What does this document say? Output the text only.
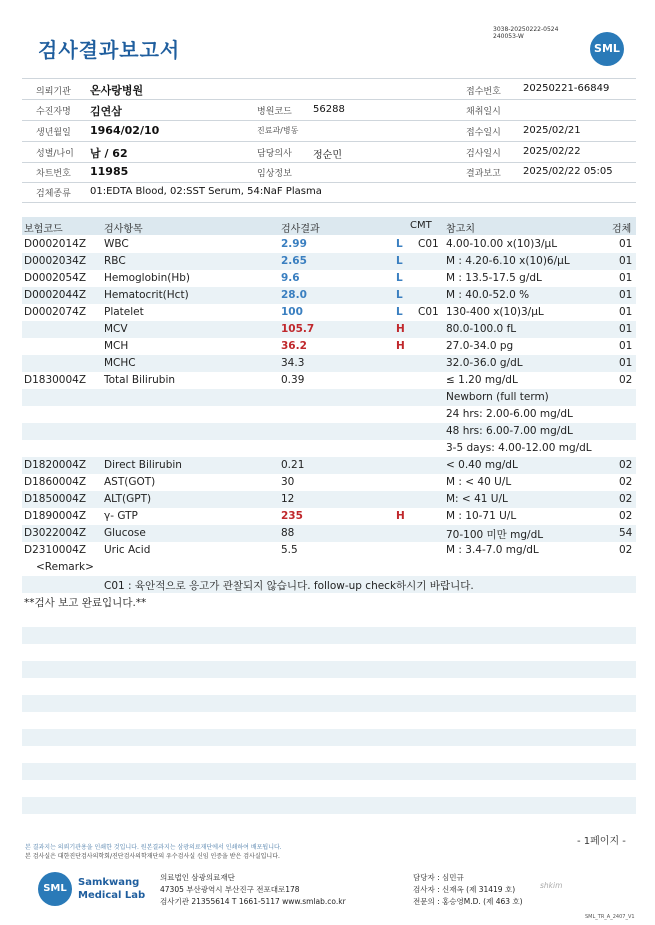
검사결과보고서
3038-20250222-0524
240053-W
SML
의뢰기관 온사랑병원	접수번호 20250221-66849
수진자명 김연삼	병원코드 56288	채취일시
생년월일 1964/02/10	진료과/병동	접수일시 2025/02/21
성별/나이 남 / 62	담당의사 정순민	검사일시 2025/02/22
차트번호 11985	임상정보	결과보고 2025/02/22 05:05
검체종류 01:EDTA Blood, 02:SST Serum, 54:NaF Plasma
보험코드	검사항목	검사결과	CMT 참고치	검체
D0002014Z WBC	2.99	L C01 4.00-10.00 x(10)3/μL	01
D0002034Z RBC	2.65	L	M : 4.20-6.10 x(10)6/μL	01
D0002054Z Hemoglobin(Hb)	9.6	L	M : 13.5-17.5 g/dL	01
D0002044Z Hematocrit(Hct)	28.0	L	M : 40.0-52.0 %	01
D0002074Z Platelet	100	L C01 130-400 x(10)3/μL	01
MCV	105.7	H	80.0-100.0 fL	01
MCH	36.2	H	27.0-34.0 pg	01
MCHC	34.3	32.0-36.0 g/dL	01
D1830004Z Total Bilirubin	0.39	≤ 1.20 mg/dL	02
Newborn (full term)
24 hrs: 2.00-6.00 mg/dL
48 hrs: 6.00-7.00 mg/dL
3-5 days: 4.00-12.00 mg/dL
D1820004Z Direct Bilirubin	0.21	< 0.40 mg/dL	02
D1860004Z AST(GOT)	30	M : < 40 U/L	02
D1850004Z ALT(GPT)	12	M: < 41 U/L	02
D1890004Z γ- GTP	235	H	M : 10-71 U/L	02
D3022004Z Glucose	88	70-100 미만 mg/dL	54
D2310004Z Uric Acid	5.5	M : 3.4-7.0 mg/dL	02
<Remark>
C01 : 육안적으로 응고가 관찰되지 않습니다. follow-up check하시기 바랍니다.
**검사 보고 완료입니다.**
- 1페이지 -
본 결과지는 의뢰기관용을 인쇄한 것입니다. 원본결과지는 삼광의료재단에서 인쇄하여 배포됩니다.
본 검사실은 대한진단검사의학회/진단검사의학재단의 우수검사실 신임 인증을 받은 검사실입니다.
SML
Samkwang
Medical Lab
의료법인 삼광의료재단
47305 부산광역시 부산진구 전포대로178
검사기관 21355614 T 1661-5117 www.smlab.co.kr
담당자 : 심민규
검사자 : 신재옥 (제 31419 호)
전문의 : 홍승영M.D. (제 463 호)
shkim
SML_TR_A_2407_V1
